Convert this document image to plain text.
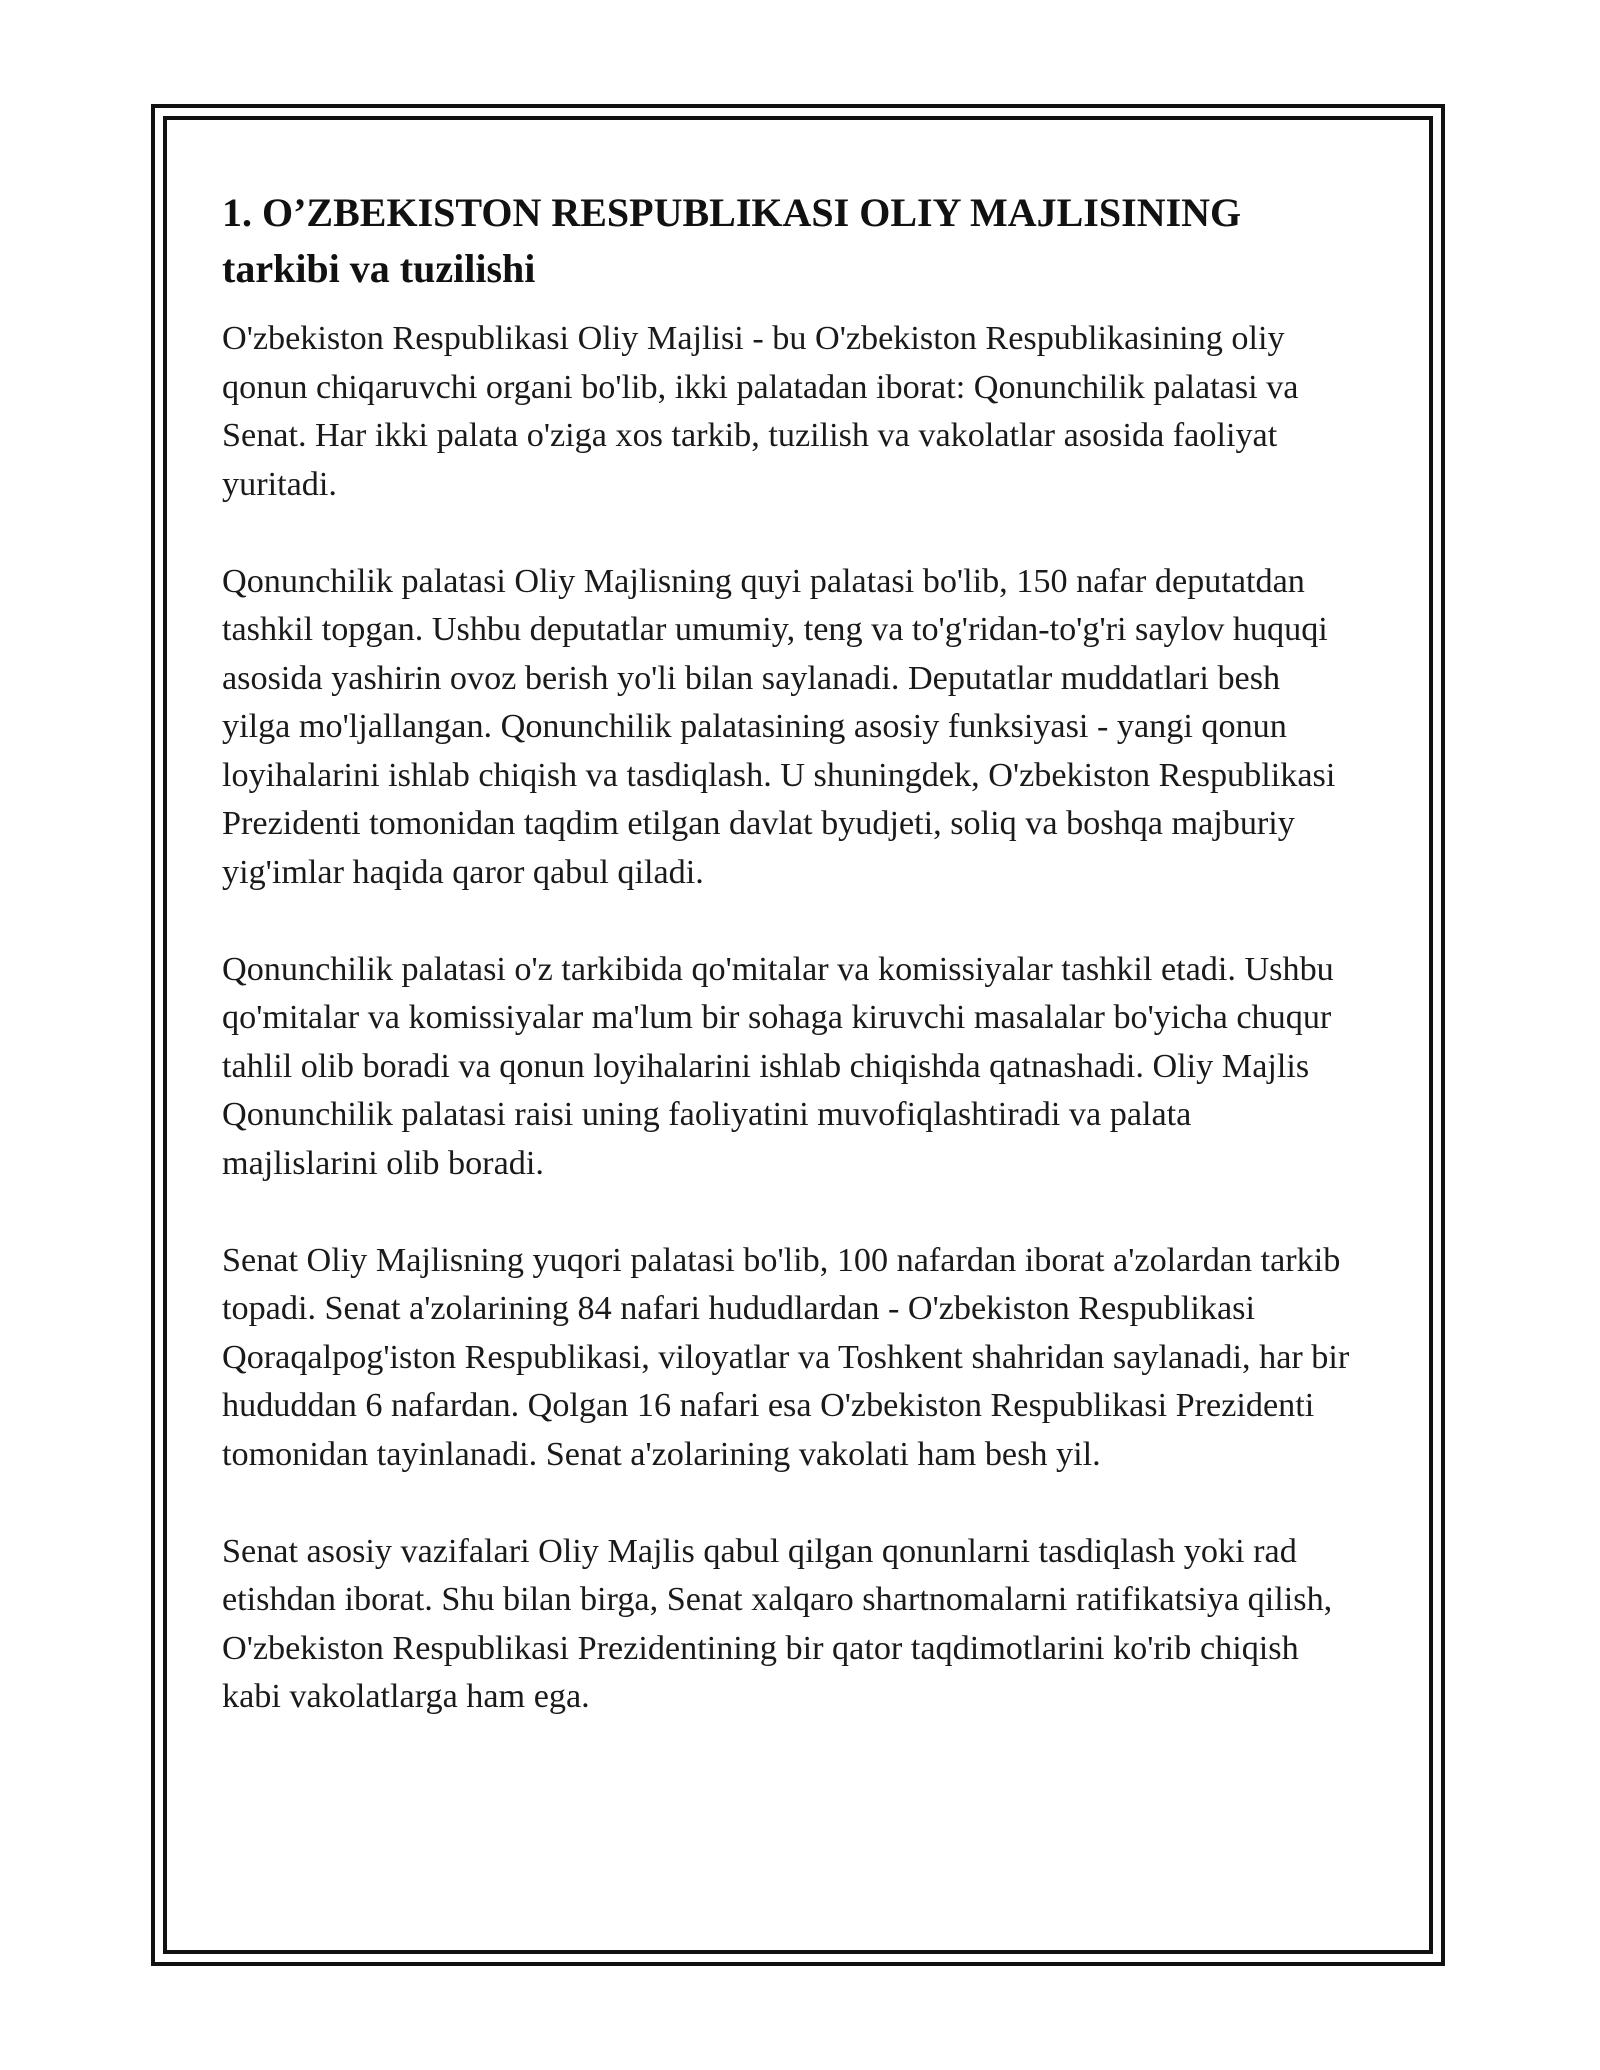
1. O’ZBEKISTON RESPUBLIKASI OLIY MAJLISINING
tarkibi va tuzilishi

O'zbekiston Respublikasi Oliy Majlisi - bu O'zbekiston Respublikasining oliy qonun chiqaruvchi organi bo'lib, ikki palatadan iborat: Qonunchilik palatasi va Senat. Har ikki palata o'ziga xos tarkib, tuzilish va vakolatlar asosida faoliyat yuritadi.

Qonunchilik palatasi Oliy Majlisning quyi palatasi bo'lib, 150 nafar deputatdan tashkil topgan. Ushbu deputatlar umumiy, teng va to'g'ridan-to'g'ri saylov huquqi asosida yashirin ovoz berish yo'li bilan saylanadi. Deputatlar muddatlari besh yilga mo'ljallangan. Qonunchilik palatasining asosiy funksiyasi - yangi qonun loyihalarini ishlab chiqish va tasdiqlash. U shuningdek, O'zbekiston Respublikasi Prezidenti tomonidan taqdim etilgan davlat byudjeti, soliq va boshqa majburiy yig'imlar haqida qaror qabul qiladi.

Qonunchilik palatasi o'z tarkibida qo'mitalar va komissiyalar tashkil etadi. Ushbu qo'mitalar va komissiyalar ma'lum bir sohaga kiruvchi masalalar bo'yicha chuqur tahlil olib boradi va qonun loyihalarini ishlab chiqishda qatnashadi. Oliy Majlis Qonunchilik palatasi raisi uning faoliyatini muvofiqlashtiradi va palata majlislarini olib boradi.

Senat Oliy Majlisning yuqori palatasi bo'lib, 100 nafardan iborat a'zolardan tarkib topadi. Senat a'zolarining 84 nafari hududlardan - O'zbekiston Respublikasi Qoraqalpog'iston Respublikasi, viloyatlar va Toshkent shahridan saylanadi, har bir hududdan 6 nafardan. Qolgan 16 nafari esa O'zbekiston Respublikasi Prezidenti tomonidan tayinlanadi. Senat a'zolarining vakolati ham besh yil.

Senat asosiy vazifalari Oliy Majlis qabul qilgan qonunlarni tasdiqlash yoki rad etishdan iborat. Shu bilan birga, Senat xalqaro shartnomalarni ratifikatsiya qilish, O'zbekiston Respublikasi Prezidentining bir qator taqdimotlarini ko'rib chiqish kabi vakolatlarga ham ega.
